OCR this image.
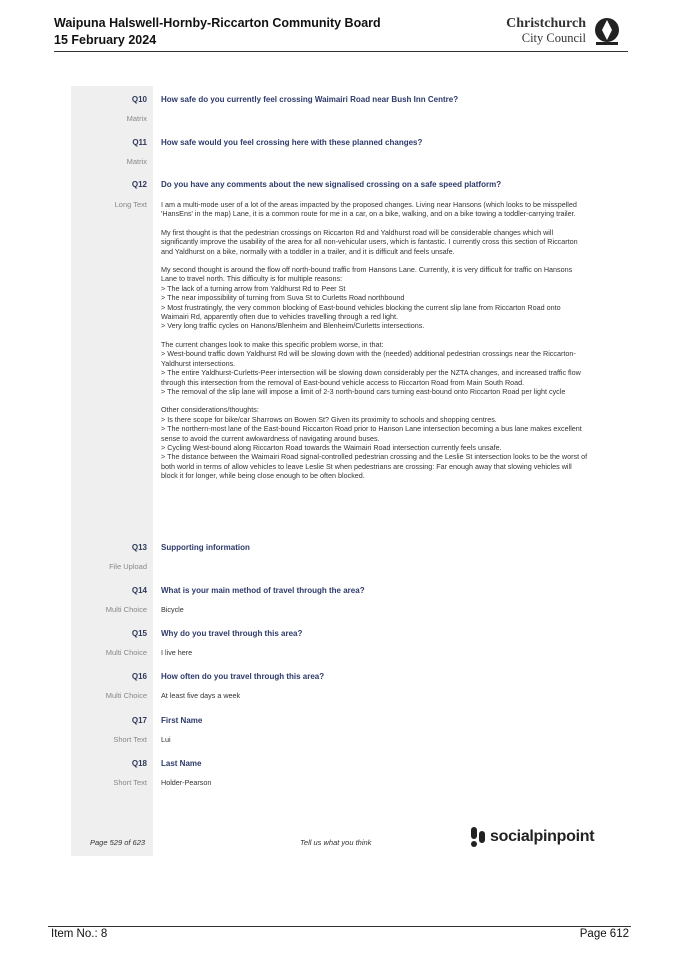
Waipuna Halswell-Hornby-Riccarton Community Board
15 February 2024
Christchurch
City Council
Q10 How safe do you currently feel crossing Waimairi Road near Bush Inn Centre?
Matrix
Q11 How safe would you feel crossing here with these planned changes?
Matrix
Q12 Do you have any comments about the new signalised crossing on a safe speed platform?
Long Text I am a multi-mode user of a lot of the areas impacted by the proposed changes. Living near Hansons (which looks to be misspelled 'HansEns' in the map) Lane, it is a common route for me in a car, on a bike, walking, and on a bike towing a toddler-carrying trailer.

My first thought is that the pedestrian crossings on Riccarton Rd and Yaldhurst road will be considerable changes which will significantly improve the usability of the area for all non-vehicular users, which is fantastic. I currently cross this section of Riccarton and Yaldhurst on a bike, normally with a toddler in a trailer, and it is difficult and feels unsafe.

My second thought is around the flow off north-bound traffic from Hansons Lane. Currently, it is very difficult for traffic on Hansons Lane to travel north. This difficulty is for multiple reasons:
> The lack of a turning arrow from Yaldhurst Rd to Peer St
> The near impossibility of turning from Suva St to Curletts Road northbound
> Most frustratingly, the very common blocking of East-bound vehicles blocking the current slip lane from Riccarton Road onto Waimairi Rd, apparently often due to vehicles travelling through a red light.
> Very long traffic cycles on Hanons/Blenheim and Blenheim/Curletts intersections.

The current changes look to make this specific problem worse, in that:
> West-bound traffic down Yaldhurst Rd will be slowing down with the (needed) additional pedestrian crossings near the Riccarton-Yaldhurst intersections.
> The entire Yaldhurst-Curletts-Peer intersection will be slowing down considerably per the NZTA changes, and increased traffic flow through this intersection from the removal of East-bound vehicle access to Riccarton Road from Main South Road.
> The removal of the slip lane will impose a limit of 2-3 north-bound cars turning east-bound onto Riccarton Road per light cycle

Other considerations/thoughts:
> Is there scope for bike/car Sharrows on Bowen St? Given its proximity to schools and shopping centres.
> The northern-most lane of the East-bound Riccarton Road prior to Hanson Lane intersection becoming a bus lane makes excellent sense to avoid the current awkwardness of navigating around buses.
> Cycling West-bound along Riccarton Road towards the Waimairi Road intersection currently feels unsafe.
> The distance between the Waimairi Road signal-controlled pedestrian crossing and the Leslie St intersection looks to be the worst of both world in terms of allow vehicles to leave Leslie St when pedestrians are crossing: Far enough away that slowing vehicles will block it for longer, while being close enough to be often blocked.

Q13 Supporting information
File Upload
Q14 What is your main method of travel through the area?
Multi Choice Bicycle
Q15 Why do you travel through this area?
Multi Choice I live here
Q16 How often do you travel through this area?
Multi Choice At least five days a week
Q17 First Name
Short Text Lui
Q18 Last Name
Short Text Holder-Pearson
Page 529 of 623	Tell us what you think	socialpinpoint
Item No.: 8	Page 612
